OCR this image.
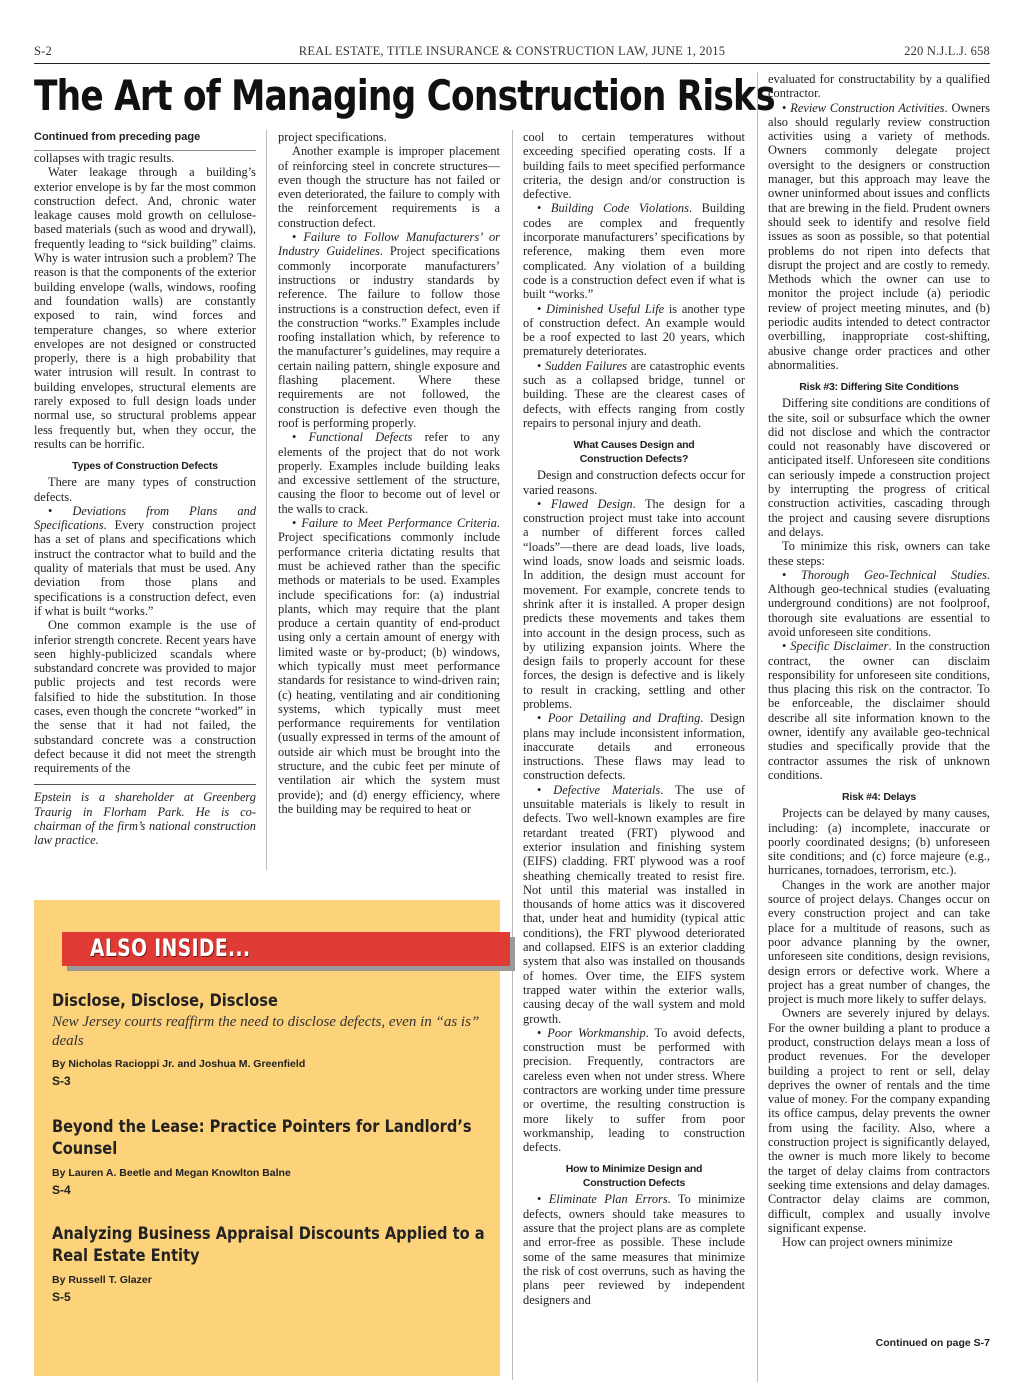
S-2	REAL ESTATE, TITLE INSURANCE & CONSTRUCTION LAW, JUNE 1, 2015	220 N.J.L.J. 658
The Art of Managing Construction Risks

Continued from preceding page

collapses with tragic results.

Water leakage through a building’s exterior envelope is by far the most common construction defect. And, chronic water leakage causes mold growth on cellulose-based materials (such as wood and drywall), frequently leading to “sick building” claims. Why is water intrusion such a problem? The reason is that the components of the exterior building envelope (walls, windows, roofing and foundation walls) are constantly exposed to rain, wind forces and temperature changes, so where exterior envelopes are not designed or constructed properly, there is a high probability that water intrusion will result. In contrast to building envelopes, structural elements are rarely exposed to full design loads under normal use, so structural problems appear less frequently but, when they occur, the results can be horrific.

Types of Construction Defects

There are many types of construction defects.

• Deviations from Plans and Specifications. Every construction project has a set of plans and specifications which instruct the contractor what to build and the quality of materials that must be used. Any deviation from those plans and specifications is a construction defect, even if what is built “works.”

One common example is the use of inferior strength concrete. Recent years have seen highly-publicized scandals where substandard concrete was provided to major public projects and test records were falsified to hide the substitution. In those cases, even though the concrete “worked” in the sense that it had not failed, the substandard concrete was a construction defect because it did not meet the strength requirements of the

Epstein is a shareholder at Greenberg Traurig in Florham Park. He is co-chairman of the firm’s national construction law practice.

project specifications.

Another example is improper placement of reinforcing steel in concrete structures—even though the structure has not failed or even deteriorated, the failure to comply with the reinforcement requirements is a construction defect.

• Failure to Follow Manufacturers’ or Industry Guidelines. Project specifications commonly incorporate manufacturers’ instructions or industry standards by reference. The failure to follow those instructions is a construction defect, even if the construction “works.” Examples include roofing installation which, by reference to the manufacturer’s guidelines, may require a certain nailing pattern, shingle exposure and flashing placement. Where these requirements are not followed, the construction is defective even though the roof is performing properly.

• Functional Defects refer to any elements of the project that do not work properly. Examples include building leaks and excessive settlement of the structure, causing the floor to become out of level or the walls to crack.

• Failure to Meet Performance Criteria. Project specifications commonly include performance criteria dictating results that must be achieved rather than the specific methods or materials to be used. Examples include specifications for: (a) industrial plants, which may require that the plant produce a certain quantity of end-product using only a certain amount of energy with limited waste or by-product; (b) windows, which typically must meet performance standards for resistance to wind-driven rain; (c) heating, ventilating and air conditioning systems, which typically must meet performance requirements for ventilation (usually expressed in terms of the amount of outside air which must be brought into the structure, and the cubic feet per minute of ventilation air which the system must provide); and (d) energy efficiency, where the building may be required to heat or

cool to certain temperatures without exceeding specified operating costs. If a building fails to meet specified performance criteria, the design and/or construction is defective.

• Building Code Violations. Building codes are complex and frequently incorporate manufacturers’ specifications by reference, making them even more complicated. Any violation of a building code is a construction defect even if what is built “works.”

• Diminished Useful Life is another type of construction defect. An example would be a roof expected to last 20 years, which prematurely deteriorates.

• Sudden Failures are catastrophic events such as a collapsed bridge, tunnel or building. These are the clearest cases of defects, with effects ranging from costly repairs to personal injury and death.

What Causes Design and
Construction Defects?

Design and construction defects occur for varied reasons.

• Flawed Design. The design for a construction project must take into account a number of different forces called “loads”—there are dead loads, live loads, wind loads, snow loads and seismic loads. In addition, the design must account for movement. For example, concrete tends to shrink after it is installed. A proper design predicts these movements and takes them into account in the design process, such as by utilizing expansion joints. Where the design fails to properly account for these forces, the design is defective and is likely to result in cracking, settling and other problems.

• Poor Detailing and Drafting. Design plans may include inconsistent information, inaccurate details and erroneous instructions. These flaws may lead to construction defects.

• Defective Materials. The use of unsuitable materials is likely to result in defects. Two well-known examples are fire retardant treated (FRT) plywood and exterior insulation and finishing system (EIFS) cladding. FRT plywood was a roof sheathing chemically treated to resist fire. Not until this material was installed in thousands of home attics was it discovered that, under heat and humidity (typical attic conditions), the FRT plywood deteriorated and collapsed. EIFS is an exterior cladding system that also was installed on thousands of homes. Over time, the EIFS system trapped water within the exterior walls, causing decay of the wall system and mold growth.

• Poor Workmanship. To avoid defects, construction must be performed with precision. Frequently, contractors are careless even when not under stress. Where contractors are working under time pressure or overtime, the resulting construction is more likely to suffer from poor workmanship, leading to construction defects.

How to Minimize Design and
Construction Defects

• Eliminate Plan Errors. To minimize defects, owners should take measures to assure that the project plans are as complete and error-free as possible. These include some of the same measures that minimize the risk of cost overruns, such as having the plans peer reviewed by independent designers and

evaluated for constructability by a qualified contractor.

• Review Construction Activities. Owners also should regularly review construction activities using a variety of methods. Owners commonly delegate project oversight to the designers or construction manager, but this approach may leave the owner uninformed about issues and conflicts that are brewing in the field. Prudent owners should seek to identify and resolve field issues as soon as possible, so that potential problems do not ripen into defects that disrupt the project and are costly to remedy. Methods which the owner can use to monitor the project include (a) periodic review of project meeting minutes, and (b) periodic audits intended to detect contractor overbilling, inappropriate cost-shifting, abusive change order practices and other abnormalities.

Risk #3: Differing Site Conditions

Differing site conditions are conditions of the site, soil or subsurface which the owner did not disclose and which the contractor could not reasonably have discovered or anticipated itself. Unforeseen site conditions can seriously impede a construction project by interrupting the progress of critical construction activities, cascading through the project and causing severe disruptions and delays.

To minimize this risk, owners can take these steps:

• Thorough Geo-Technical Studies. Although geo-technical studies (evaluating underground conditions) are not foolproof, thorough site evaluations are essential to avoid unforeseen site conditions.

• Specific Disclaimer. In the construction contract, the owner can disclaim responsibility for unforeseen site conditions, thus placing this risk on the contractor. To be enforceable, the disclaimer should describe all site information known to the owner, identify any available geo-technical studies and specifically provide that the contractor assumes the risk of unknown conditions.

Risk #4: Delays

Projects can be delayed by many causes, including: (a) incomplete, inaccurate or poorly coordinated designs; (b) unforeseen site conditions; and (c) force majeure (e.g., hurricanes, tornadoes, terrorism, etc.).

Changes in the work are another major source of project delays. Changes occur on every construction project and can take place for a multitude of reasons, such as poor advance planning by the owner, unforeseen site conditions, design revisions, design errors or defective work. Where a project has a great number of changes, the project is much more likely to suffer delays.

Owners are severely injured by delays. For the owner building a plant to produce a product, construction delays mean a loss of product revenues. For the developer building a project to rent or sell, delay deprives the owner of rentals and the time value of money. For the company expanding its office campus, delay prevents the owner from using the facility. Also, where a construction project is significantly delayed, the owner is much more likely to become the target of delay claims from contractors seeking time extensions and delay damages. Contractor delay claims are common, difficult, complex and usually involve significant expense.

How can project owners minimize

Continued on page S-7
ALSO INSIDE...
Disclose, Disclose, Disclose
New Jersey courts reaffirm the need to disclose defects, even in “as is” deals
By Nicholas Racioppi Jr. and Joshua M. Greenfield
S-3
Beyond the Lease: Practice Pointers for Landlord’s Counsel
By Lauren A. Beetle and Megan Knowlton Balne
S-4
Analyzing Business Appraisal Discounts Applied to a Real Estate Entity
By Russell T. Glazer
S-5
